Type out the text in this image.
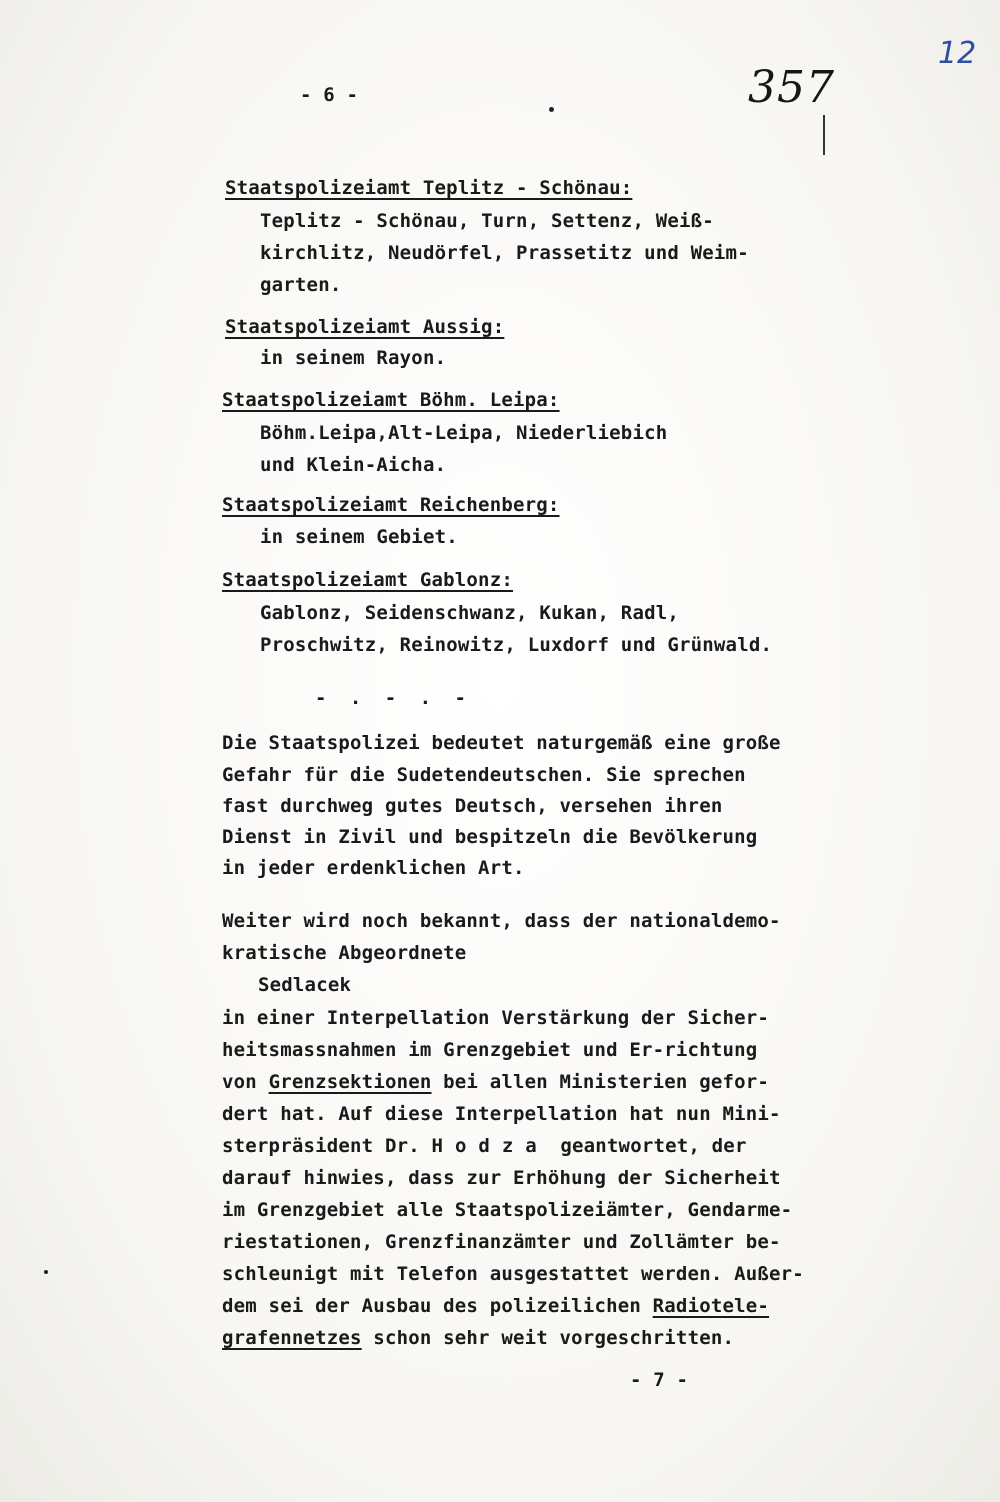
- 6 -	357
12
Staatspolizeiamt Teplitz - Schönau:
Teplitz - Schönau, Turn, Settenz, Weiß-
kirchlitz, Neudörfel, Prassetitz und Weim-
garten.
Staatspolizeiamt Aussig:
in seinem Rayon.
Staatspolizeiamt Böhm. Leipa:
Böhm.Leipa,Alt-Leipa, Niederliebich
und Klein-Aicha.
Staatspolizeiamt Reichenberg:
in seinem Gebiet.
Staatspolizeiamt Gablonz:
Gablonz, Seidenschwanz, Kukan, Radl,
Proschwitz, Reinowitz, Luxdorf und Grünwald.
- . - . -
Die Staatspolizei bedeutet naturgemäß eine große
Gefahr für die Sudetendeutschen. Sie sprechen
fast durchweg gutes Deutsch, versehen ihren
Dienst in Zivil und bespitzeln die Bevölkerung
in jeder erdenklichen Art.
Weiter wird noch bekannt, dass der nationaldemo-
kratische Abgeordnete
Sedlacek
in einer Interpellation Verstärkung der Sicher-
heitsmassnahmen im Grenzgebiet und Er-richtung
von Grenzsektionen bei allen Ministerien gefor-
dert hat. Auf diese Interpellation hat nun Mini-
sterpräsident Dr. Hodza geantwortet, der
darauf hinwies, dass zur Erhöhung der Sicherheit
im Grenzgebiet alle Staatspolizeiämter, Gendarme-
riestationen, Grenzfinanzämter und Zollämter be-
schleunigt mit Telefon ausgestattet werden. Außer-
dem sei der Ausbau des polizeilichen Radiotele-
grafennetzes schon sehr weit vorgeschritten.
- 7 -
